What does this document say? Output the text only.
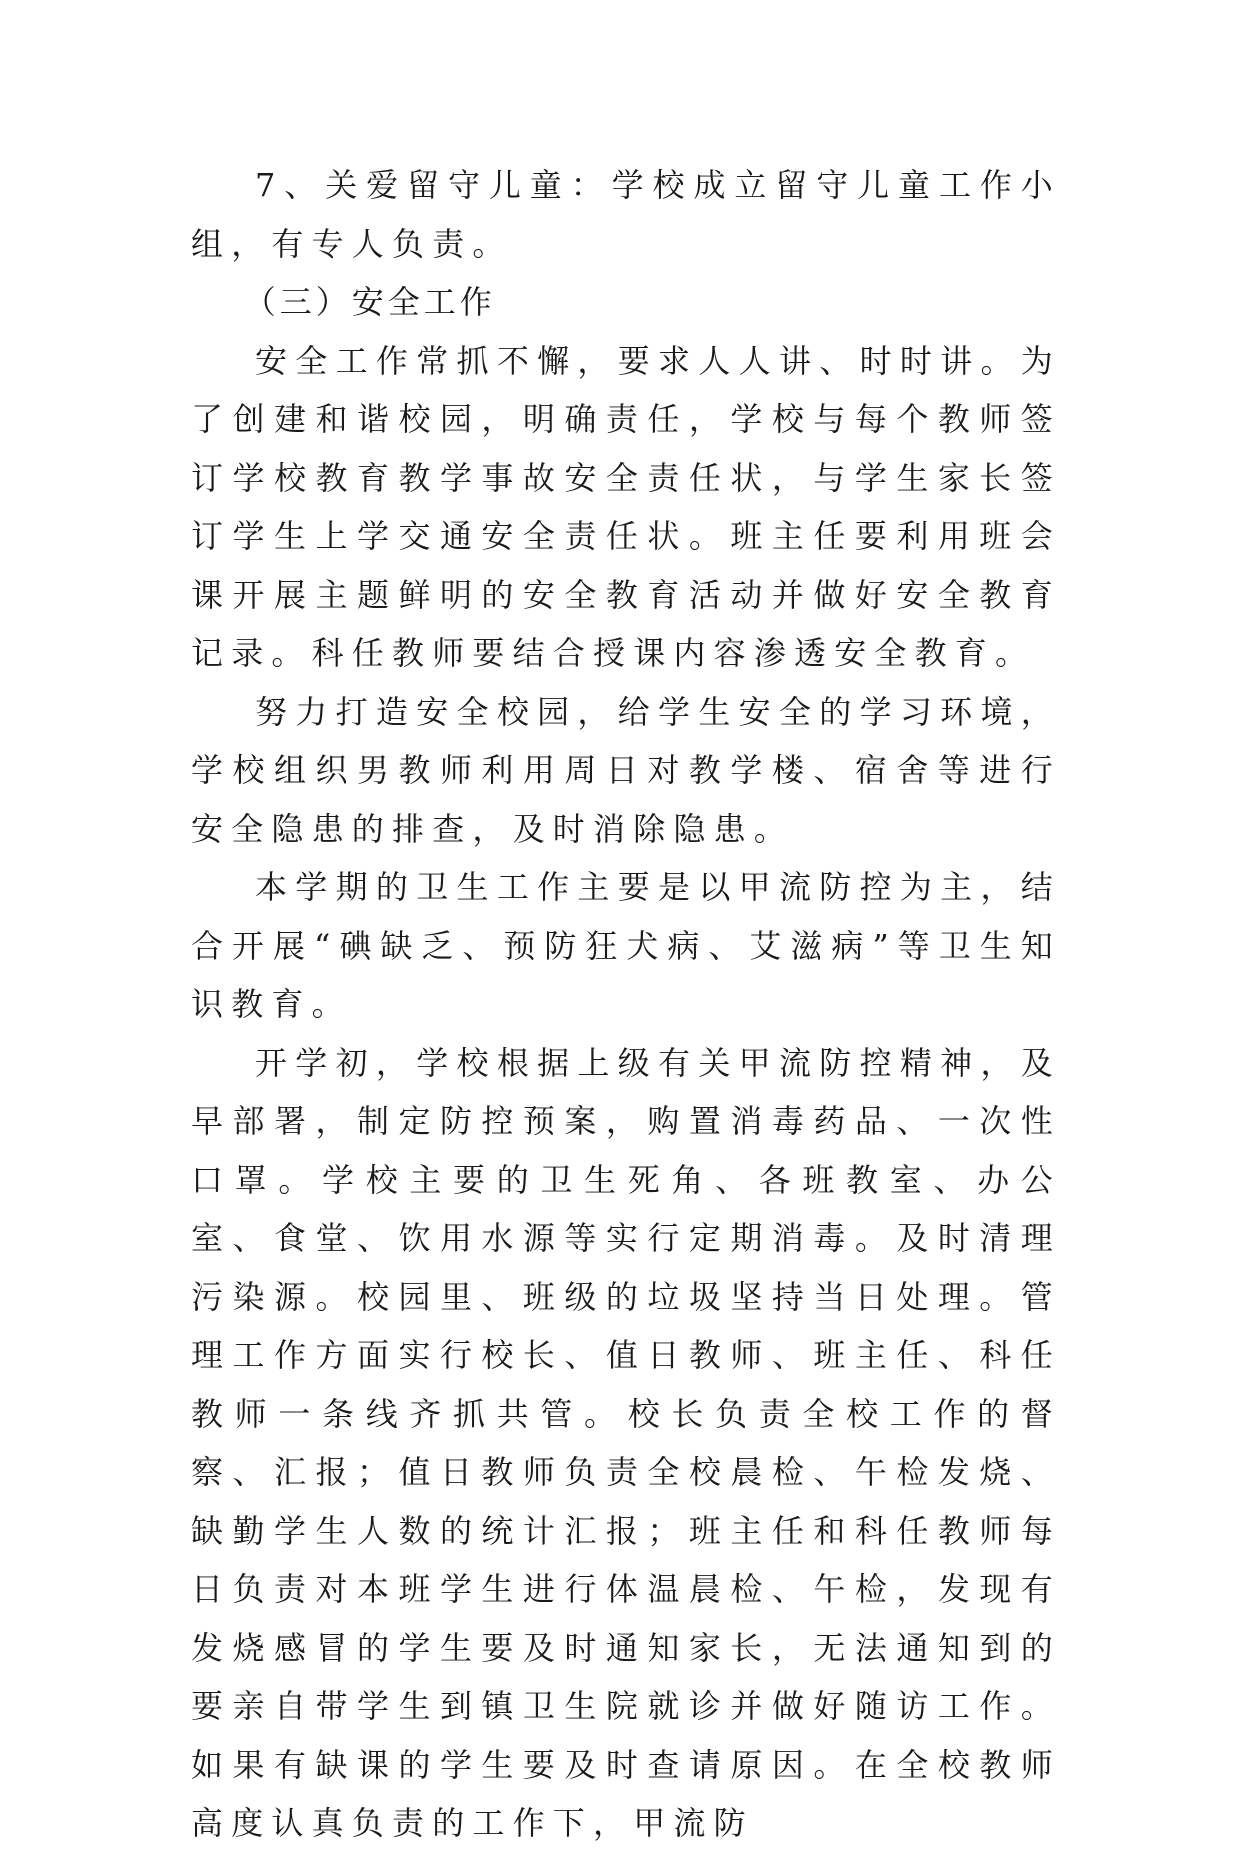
7、关爱留守儿童：学校成立留守儿童工作小组，有专人负责。

（三）安全工作

安全工作常抓不懈，要求人人讲、时时讲。为了创建和谐校园，明确责任，学校与每个教师签订学校教育教学事故安全责任状，与学生家长签订学生上学交通安全责任状。班主任要利用班会课开展主题鲜明的安全教育活动并做好安全教育记录。科任教师要结合授课内容渗透安全教育。

努力打造安全校园，给学生安全的学习环境，学校组织男教师利用周日对教学楼、宿舍等进行安全隐患的排查，及时消除隐患。

本学期的卫生工作主要是以甲流防控为主，结合开展“碘缺乏、预防狂犬病、艾滋病”等卫生知识教育。

开学初，学校根据上级有关甲流防控精神，及早部署，制定防控预案，购置消毒药品、一次性口罩。学校主要的卫生死角、各班教室、办公室、食堂、饮用水源等实行定期消毒。及时清理污染源。校园里、班级的垃圾坚持当日处理。管理工作方面实行校长、值日教师、班主任、科任教师一条线齐抓共管。校长负责全校工作的督察、汇报；值日教师负责全校晨检、午检发烧、缺勤学生人数的统计汇报；班主任和科任教师每日负责对本班学生进行体温晨检、午检，发现有发烧感冒的学生要及时通知家长，无法通知到的要亲自带学生到镇卫生院就诊并做好随访工作。如果有缺课的学生要及时查请原因。在全校教师高度认真负责的工作下，甲流防
